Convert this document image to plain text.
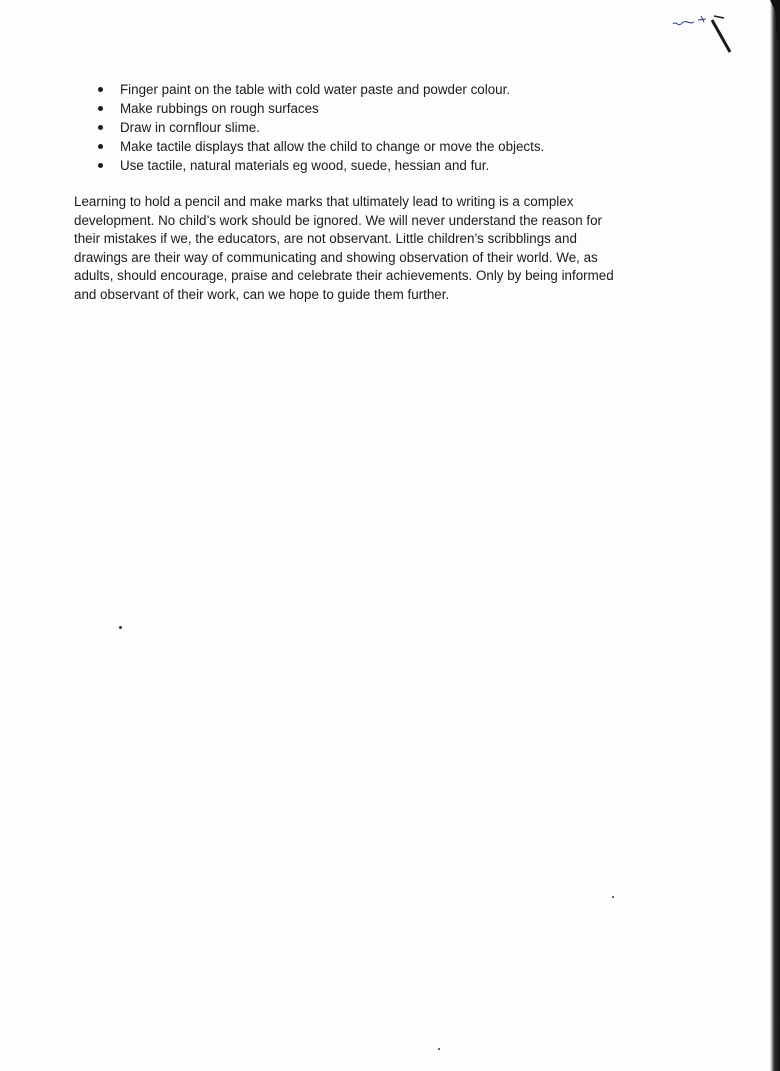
Finger paint on the table with cold water paste and powder colour.
Make rubbings on rough surfaces
Draw in cornflour slime.
Make tactile displays that allow the child to change or move the objects.
Use tactile, natural materials eg wood, suede, hessian and fur.

Learning to hold a pencil and make marks that ultimately lead to writing is a complex
development. No child’s work should be ignored. We will never understand the reason for
their mistakes if we, the educators, are not observant. Little children’s scribblings and
drawings are their way of communicating and showing observation of their world. We, as
adults, should encourage, praise and celebrate their achievements. Only by being informed
and observant of their work, can we hope to guide them further.
